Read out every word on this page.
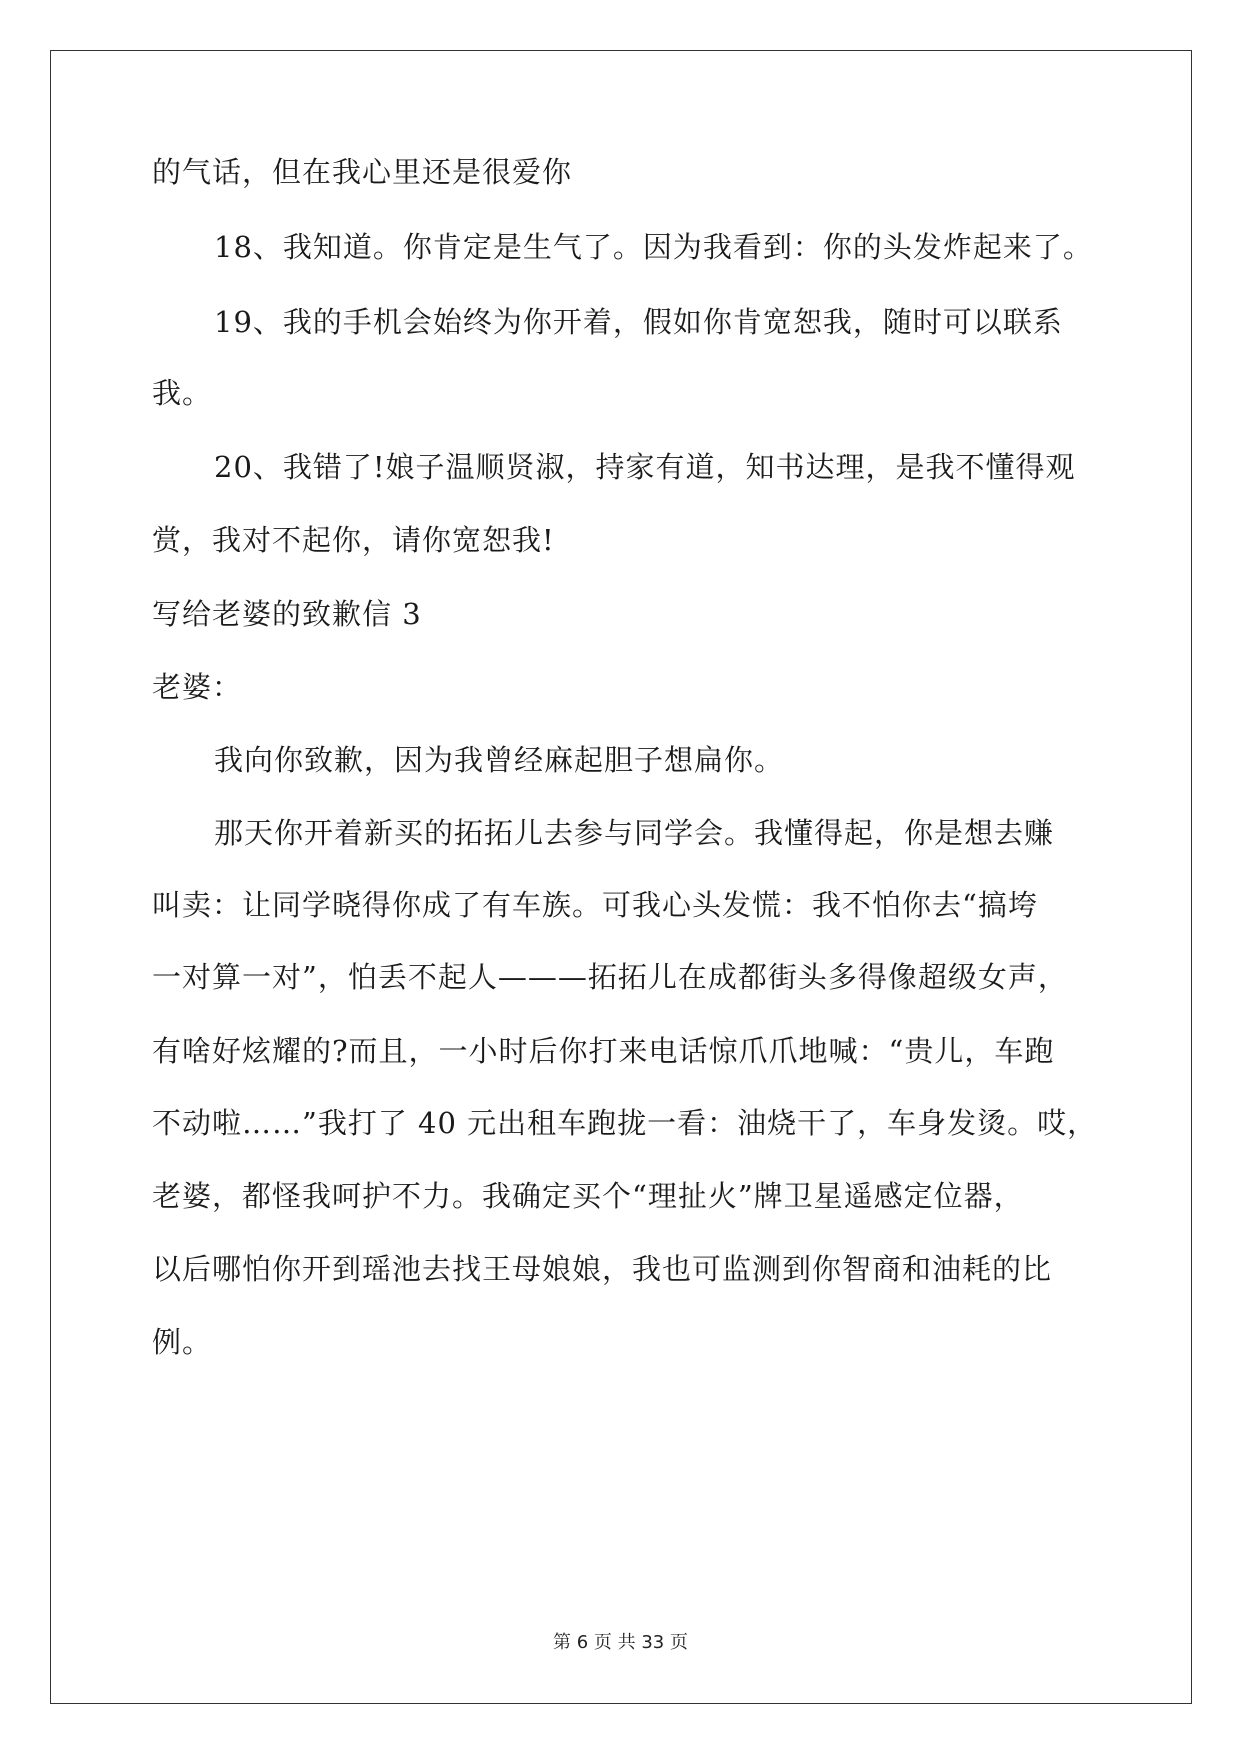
的气话，但在我心里还是很爱你
18、我知道。你肯定是生气了。因为我看到：你的头发炸起来了。
19、我的手机会始终为你开着，假如你肯宽恕我，随时可以联系
我。
20、我错了!娘子温顺贤淑，持家有道，知书达理，是我不懂得观
赏，我对不起你，请你宽恕我!
写给老婆的致歉信 3
老婆：
我向你致歉，因为我曾经麻起胆子想扁你。
那天你开着新买的拓拓儿去参与同学会。我懂得起，你是想去赚
叫卖：让同学晓得你成了有车族。可我心头发慌：我不怕你去“搞垮
一对算一对”，怕丢不起人———拓拓儿在成都街头多得像超级女声，
有啥好炫耀的?而且，一小时后你打来电话惊爪爪地喊：“贵儿，车跑
不动啦……”我打了 40 元出租车跑拢一看：油烧干了，车身发烫。哎，
老婆，都怪我呵护不力。我确定买个“理扯火”牌卫星遥感定位器，
以后哪怕你开到瑶池去找王母娘娘，我也可监测到你智商和油耗的比
例。
第 6 页 共 33 页
